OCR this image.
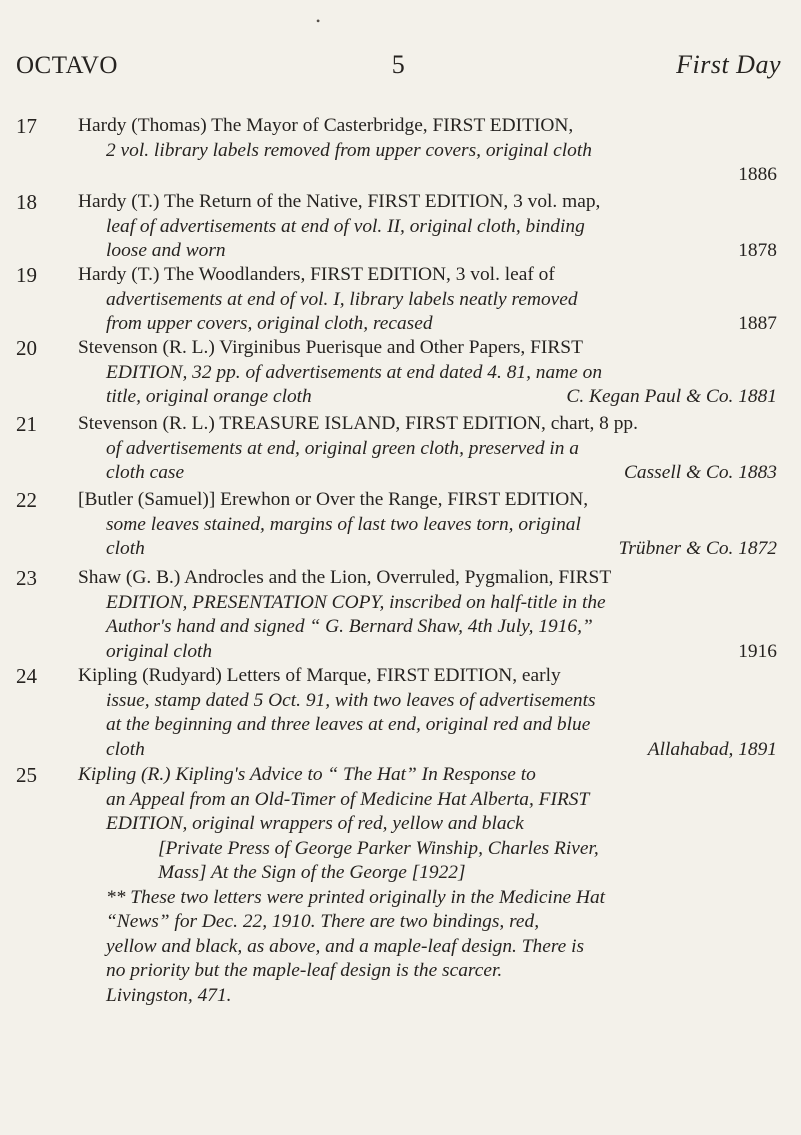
•
OCTAVO	5	First Day
17	Hardy (Thomas) The Mayor of Casterbridge, FIRST EDITION,
2 vol. library labels removed from upper covers, original cloth
1886
18	Hardy (T.) The Return of the Native, FIRST EDITION, 3 vol. map,
leaf of advertisements at end of vol. II, original cloth, binding
loose and worn	1878
19	Hardy (T.) The Woodlanders, FIRST EDITION, 3 vol. leaf of
advertisements at end of vol. I, library labels neatly removed
from upper covers, original cloth, recased	1887
20	Stevenson (R. L.) Virginibus Puerisque and Other Papers, FIRST
EDITION, 32 pp. of advertisements at end dated 4. 81, name on
title, original orange cloth	C. Kegan Paul & Co. 1881
21	Stevenson (R. L.) TREASURE ISLAND, FIRST EDITION, chart, 8 pp.
of advertisements at end, original green cloth, preserved in a
cloth case	Cassell & Co. 1883
22	[Butler (Samuel)] Erewhon or Over the Range, FIRST EDITION,
some leaves stained, margins of last two leaves torn, original
cloth	Trübner & Co. 1872
23	Shaw (G. B.) Androcles and the Lion, Overruled, Pygmalion, FIRST
EDITION, PRESENTATION COPY, inscribed on half-title in the
Author's hand and signed “ G. Bernard Shaw, 4th July, 1916,”
original cloth	1916
24	Kipling (Rudyard) Letters of Marque, FIRST EDITION, early
issue, stamp dated 5 Oct. 91, with two leaves of advertisements
at the beginning and three leaves at end, original red and blue
cloth	Allahabad, 1891
25	Kipling (R.) Kipling's Advice to “ The Hat” In Response to
an Appeal from an Old-Timer of Medicine Hat Alberta, FIRST
EDITION, original wrappers of red, yellow and black
[Private Press of George Parker Winship, Charles River,
Mass] At the Sign of the George [1922]
** These two letters were printed originally in the Medicine Hat
“News” for Dec. 22, 1910. There are two bindings, red,
yellow and black, as above, and a maple-leaf design. There is
no priority but the maple-leaf design is the scarcer.
Livingston, 471.
